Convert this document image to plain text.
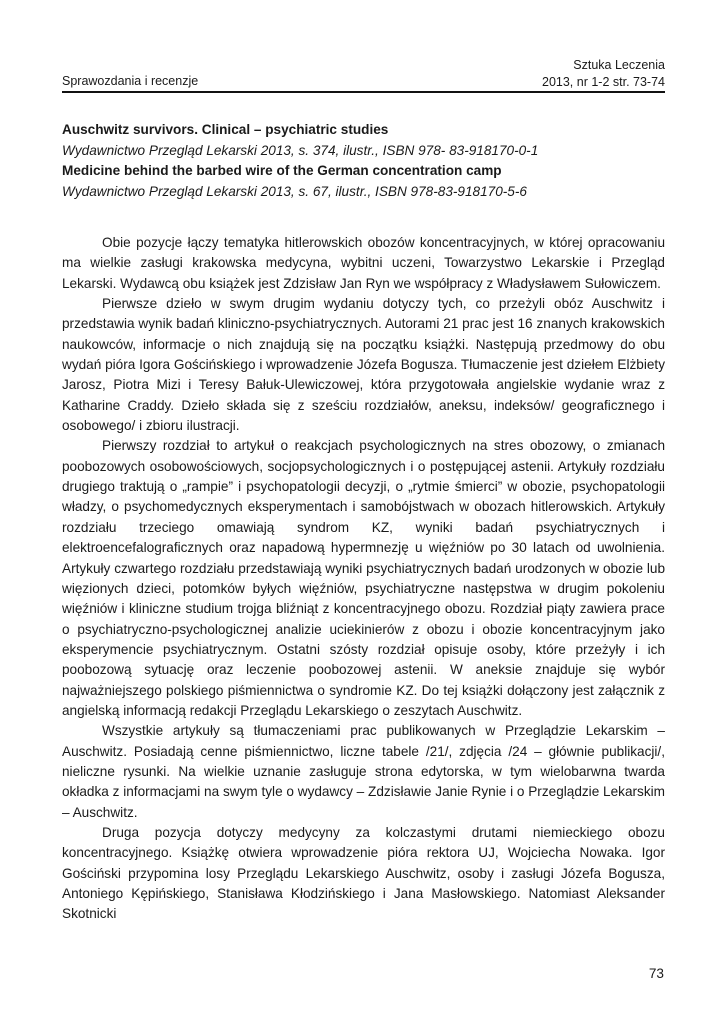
Sprawozdania i recenzje
Sztuka Leczenia
2013, nr 1-2 str. 73-74
Auschwitz survivors. Clinical – psychiatric studies
Wydawnictwo Przegląd Lekarski 2013, s. 374, ilustr., ISBN 978- 83-918170-0-1
Medicine behind the barbed wire of the German concentration camp
Wydawnictwo Przegląd Lekarski 2013, s. 67, ilustr., ISBN 978-83-918170-5-6

Obie pozycje łączy tematyka hitlerowskich obozów koncentracyjnych, w której opracowaniu ma wielkie zasługi krakowska medycyna, wybitni uczeni, Towarzystwo Lekarskie i Przegląd Lekarski. Wydawcą obu książek jest Zdzisław Jan Ryn we współpracy z Władysławem Sułowiczem.

Pierwsze dzieło w swym drugim wydaniu dotyczy tych, co przeżyli obóz Auschwitz i przedstawia wynik badań kliniczno-psychiatrycznych. Autorami 21 prac jest 16 znanych krakowskich naukowców, informacje o nich znajdują się na początku książki. Następują przedmowy do obu wydań pióra Igora Gościńskiego i wprowadzenie Józefa Bogusza. Tłumaczenie jest dziełem Elżbiety Jarosz, Piotra Mizi i Teresy Bałuk-Ulewiczowej, która przygotowała angielskie wydanie wraz z Katharine Craddy. Dzieło składa się z sześciu rozdziałów, aneksu, indeksów/ geograficznego i osobowego/ i zbioru ilustracji.

Pierwszy rozdział to artykuł o reakcjach psychologicznych na stres obozowy, o zmianach poobozowych osobowościowych, socjopsychologicznych i o postępującej astenii. Artykuły rozdziału drugiego traktują o „rampie” i psychopatologii decyzji, o „rytmie śmierci” w obozie, psychopatologii władzy, o psychomedycznych eksperymentach i samobójstwach w obozach hitlerowskich. Artykuły rozdziału trzeciego omawiają syndrom KZ, wyniki badań psychiatrycznych i elektroencefalograficznych oraz napadową hypermnezję u więźniów po 30 latach od uwolnienia. Artykuły czwartego rozdziału przedstawiają wyniki psychiatrycznych badań urodzonych w obozie lub więzionych dzieci, potomków byłych więźniów, psychiatryczne następstwa w drugim pokoleniu więźniów i kliniczne studium trojga bliźniąt z koncentracyjnego obozu. Rozdział piąty zawiera prace o psychiatryczno-psychologicznej analizie uciekinierów z obozu i obozie koncentracyjnym jako eksperymencie psychiatrycznym. Ostatni szósty rozdział opisuje osoby, które przeżyły i ich poobozową sytuację oraz leczenie poobozowej astenii. W aneksie znajduje się wybór najważniejszego polskiego piśmiennictwa o syndromie KZ. Do tej książki dołączony jest załącznik z angielską informacją redakcji Przeglądu Lekarskiego o zeszytach Auschwitz.

Wszystkie artykuły są tłumaczeniami prac publikowanych w Przeglądzie Lekarskim – Auschwitz. Posiadają cenne piśmiennictwo, liczne tabele /21/, zdjęcia /24 – głównie publikacji/, nieliczne rysunki. Na wielkie uznanie zasługuje strona edytorska, w tym wielobarwna twarda okładka z informacjami na swym tyle o wydawcy – Zdzisławie Janie Rynie i o Przeglądzie Lekarskim – Auschwitz.

Druga pozycja dotyczy medycyny za kolczastymi drutami niemieckiego obozu koncentracyjnego. Książkę otwiera wprowadzenie pióra rektora UJ, Wojciecha Nowaka. Igor Gościński przypomina losy Przeglądu Lekarskiego Auschwitz, osoby i zasługi Józefa Bogusza, Antoniego Kępińskiego, Stanisława Kłodzińskiego i Jana Masłowskiego. Natomiast Aleksander Skotnicki

73
